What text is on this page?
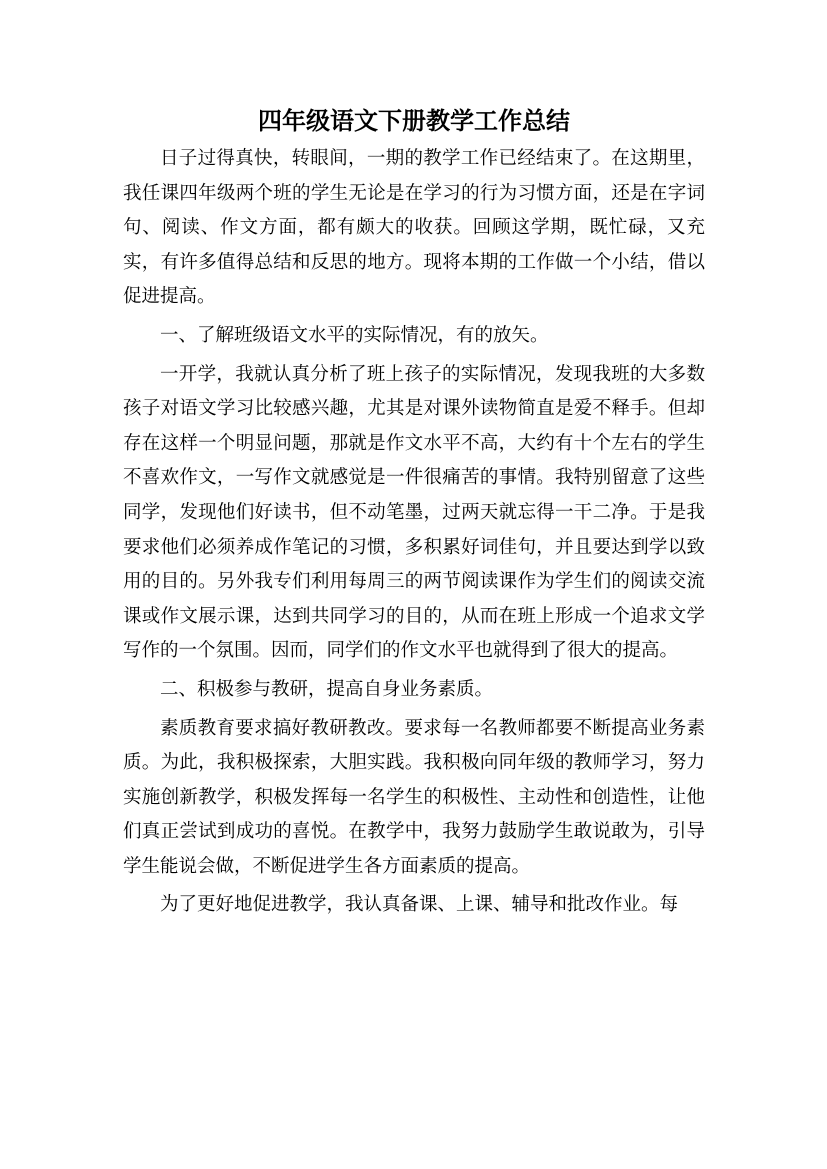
四年级语文下册教学工作总结

日子过得真快，转眼间，一期的教学工作已经结束了。在这期里，我任课四年级两个班的学生无论是在学习的行为习惯方面，还是在字词句、阅读、作文方面，都有颇大的收获。回顾这学期，既忙碌，又充实，有许多值得总结和反思的地方。现将本期的工作做一个小结，借以促进提高。

一、了解班级语文水平的实际情况，有的放矢。

一开学，我就认真分析了班上孩子的实际情况，发现我班的大多数孩子对语文学习比较感兴趣，尤其是对课外读物简直是爱不释手。但却存在这样一个明显问题，那就是作文水平不高，大约有十个左右的学生不喜欢作文，一写作文就感觉是一件很痛苦的事情。我特别留意了这些同学，发现他们好读书，但不动笔墨，过两天就忘得一干二净。于是我要求他们必须养成作笔记的习惯，多积累好词佳句，并且要达到学以致用的目的。另外我专们利用每周三的两节阅读课作为学生们的阅读交流课或作文展示课，达到共同学习的目的，从而在班上形成一个追求文学写作的一个氛围。因而，同学们的作文水平也就得到了很大的提高。

二、积极参与教研，提高自身业务素质。

素质教育要求搞好教研教改。要求每一名教师都要不断提高业务素质。为此，我积极探索，大胆实践。我积极向同年级的教师学习，努力实施创新教学，积极发挥每一名学生的积极性、主动性和创造性，让他们真正尝试到成功的喜悦。在教学中，我努力鼓励学生敢说敢为，引导学生能说会做，不断促进学生各方面素质的提高。

为了更好地促进教学，我认真备课、上课、辅导和批改作业。每
